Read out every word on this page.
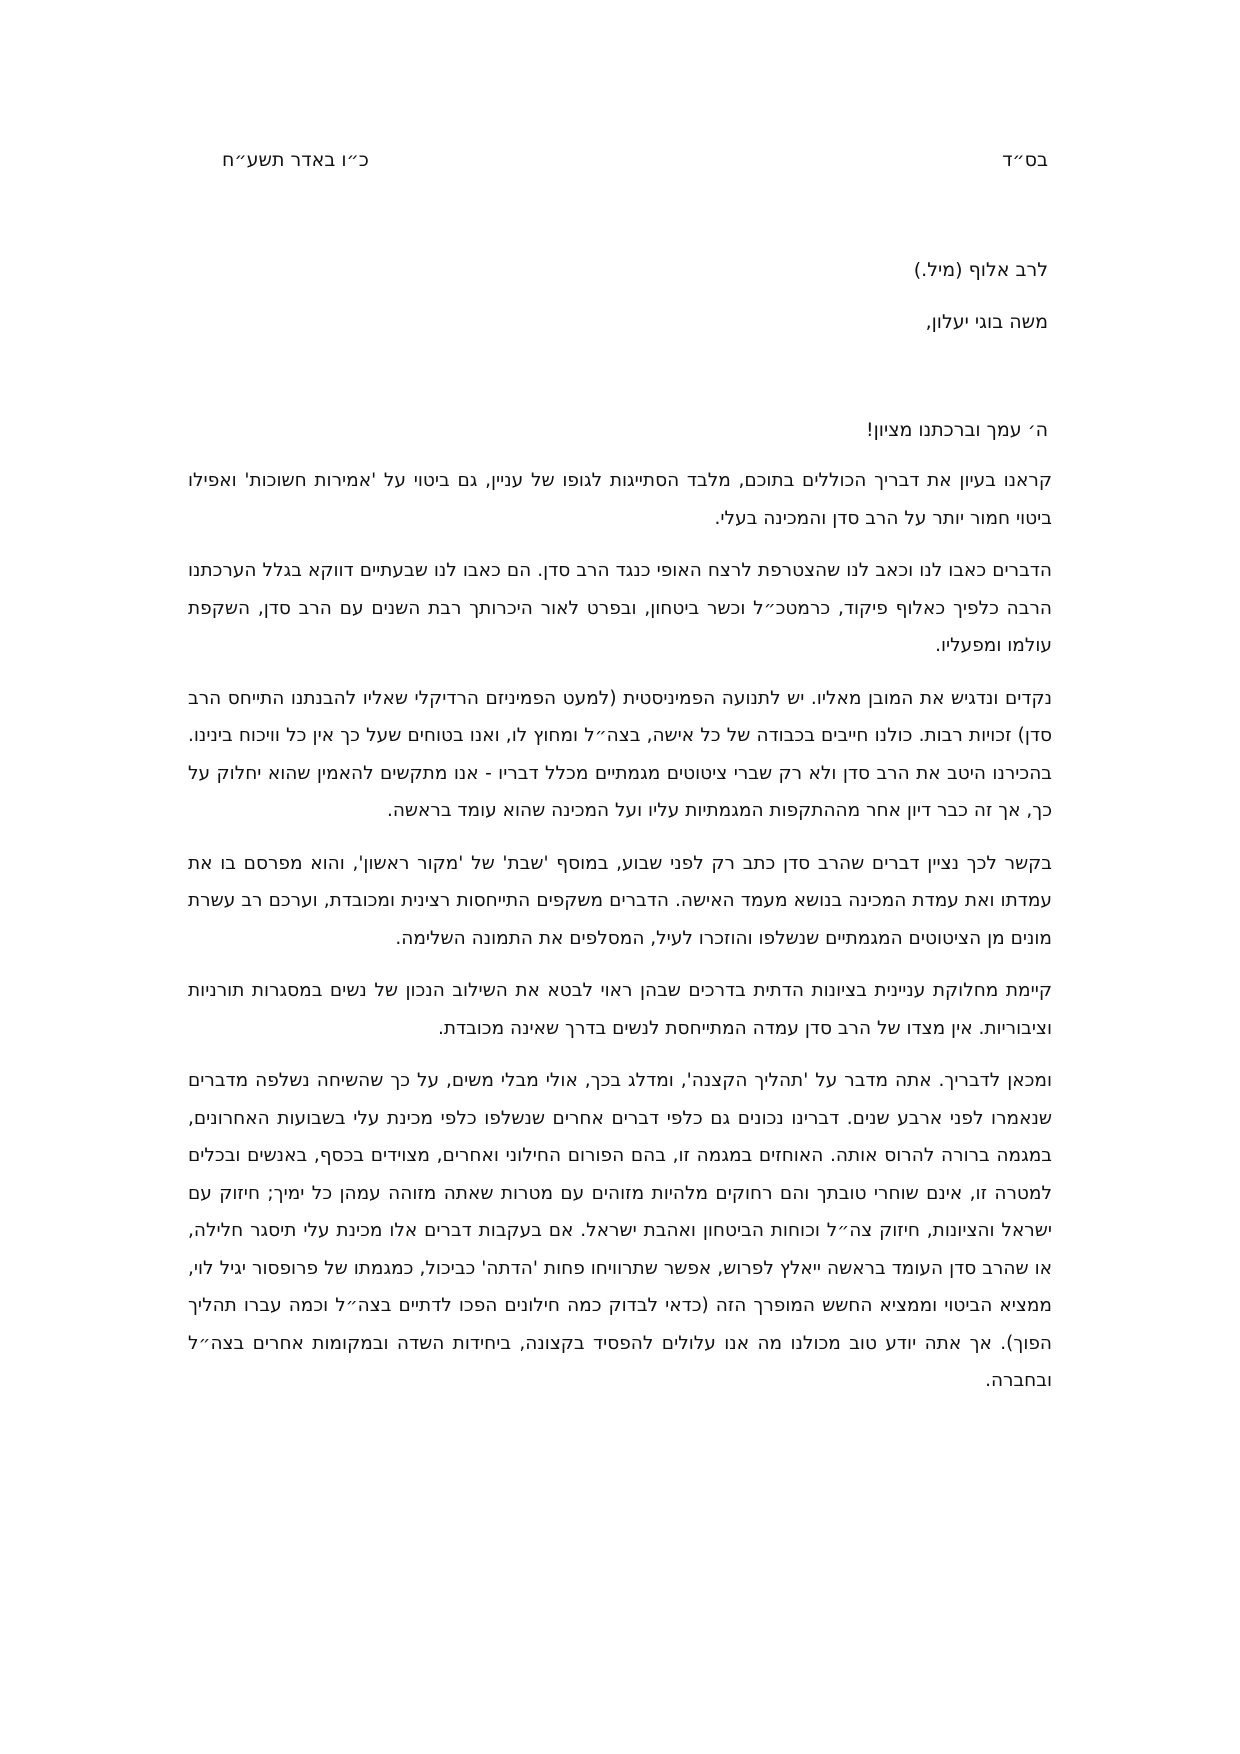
בס״ד
כ״ו באדר תשע״ח
לרב אלוף (מיל.)
משה בוגי יעלון,
ה׳ עמך וברכתנו מציון!

קראנו בעיון את דבריך הכוללים בתוכם, מלבד הסתייגות לגופו של עניין, גם ביטוי על 'אמירות חשוכות' ואפילו ביטוי חמור יותר על הרב סדן והמכינה בעלי.

הדברים כאבו לנו וכאב לנו שהצטרפת לרצח האופי כנגד הרב סדן. הם כאבו לנו שבעתיים דווקא בגלל הערכתנו הרבה כלפיך כאלוף פיקוד, כרמטכ״ל וכשר ביטחון, ובפרט לאור היכרותך רבת השנים עם הרב סדן, השקפת עולמו ומפעליו.

נקדים ונדגיש את המובן מאליו. יש לתנועה הפמיניסטית (למעט הפמיניזם הרדיקלי שאליו להבנתנו התייחס הרב סדן) זכויות רבות. כולנו חייבים בכבודה של כל אישה, בצה״ל ומחוץ לו, ואנו בטוחים שעל כך אין כל וויכוח בינינו. בהכירנו היטב את הרב סדן ולא רק שברי ציטוטים מגמתיים מכלל דבריו - אנו מתקשים להאמין שהוא יחלוק על כך, אך זה כבר דיון אחר מההתקפות המגמתיות עליו ועל המכינה שהוא עומד בראשה.

בקשר לכך נציין דברים שהרב סדן כתב רק לפני שבוע, במוסף 'שבת' של 'מקור ראשון', והוא מפרסם בו את עמדתו ואת עמדת המכינה בנושא מעמד האישה. הדברים משקפים התייחסות רצינית ומכובדת, וערכם רב עשרת מונים מן הציטוטים המגמתיים שנשלפו והוזכרו לעיל, המסלפים את התמונה השלימה.

קיימת מחלוקת עניינית בציונות הדתית בדרכים שבהן ראוי לבטא את השילוב הנכון של נשים במסגרות תורניות וציבוריות. אין מצדו של הרב סדן עמדה המתייחסת לנשים בדרך שאינה מכובדת.

ומכאן לדבריך. אתה מדבר על 'תהליך הקצנה', ומדלג בכך, אולי מבלי משים, על כך שהשיחה נשלפה מדברים שנאמרו לפני ארבע שנים. דברינו נכונים גם כלפי דברים אחרים שנשלפו כלפי מכינת עלי בשבועות האחרונים, במגמה ברורה להרוס אותה. האוחזים במגמה זו, בהם הפורום החילוני ואחרים, מצוידים בכסף, באנשים ובכלים למטרה זו, אינם שוחרי טובתך והם רחוקים מלהיות מזוהים עם מטרות שאתה מזוהה עמהן כל ימיך; חיזוק עם ישראל והציונות, חיזוק צה״ל וכוחות הביטחון ואהבת ישראל. אם בעקבות דברים אלו מכינת עלי תיסגר חלילה, או שהרב סדן העומד בראשה ייאלץ לפרוש, אפשר שתרוויחו פחות 'הדתה' כביכול, כמגמתו של פרופסור יגיל לוי, ממציא הביטוי וממציא החשש המופרך הזה (כדאי לבדוק כמה חילונים הפכו לדתיים בצה״ל וכמה עברו תהליך הפוך). אך אתה יודע טוב מכולנו מה אנו עלולים להפסיד בקצונה, ביחידות השדה ובמקומות אחרים בצה״ל ובחברה.
